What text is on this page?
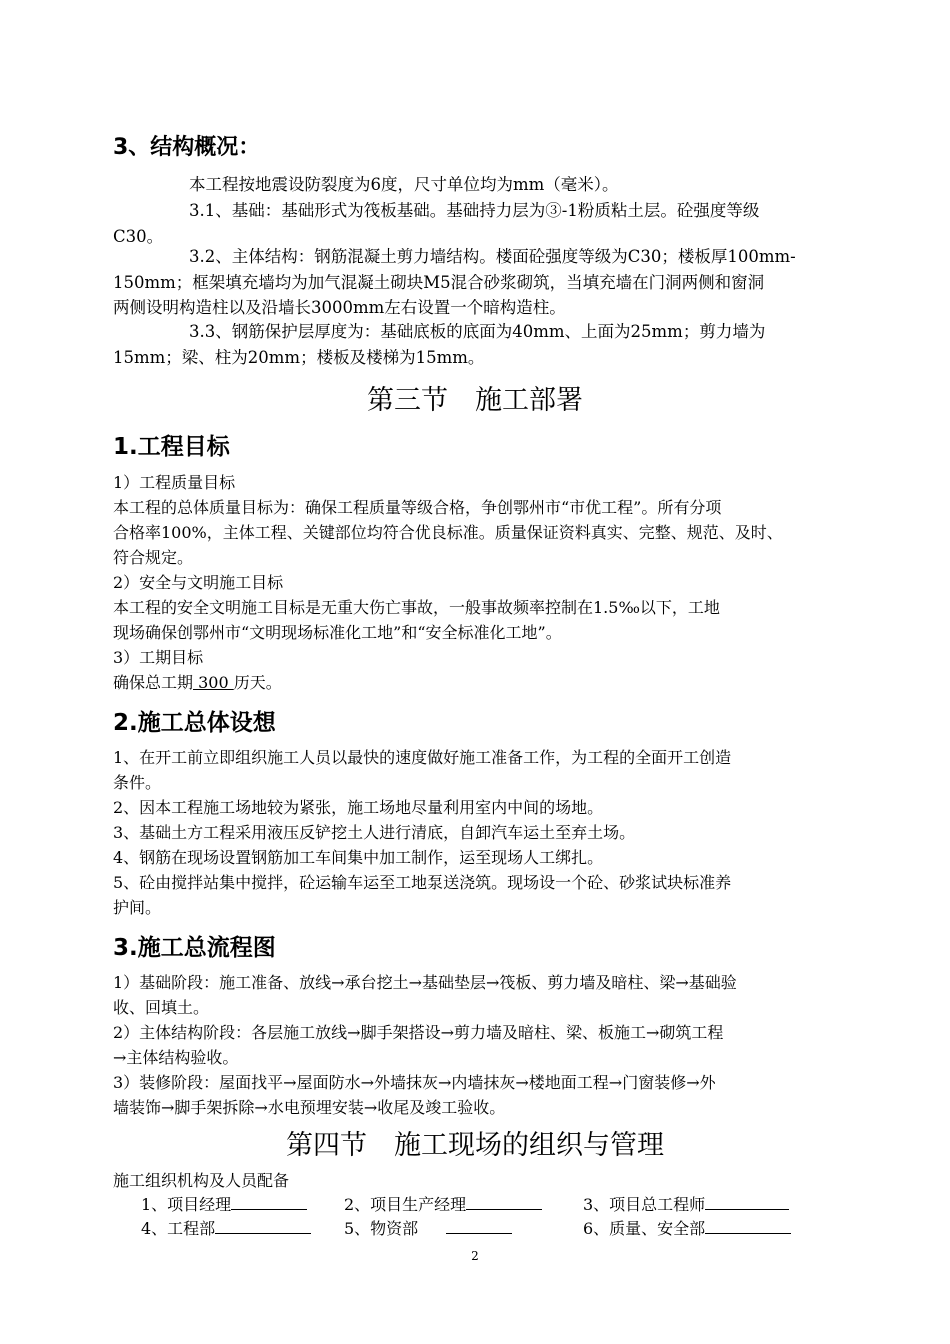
3、结构概况：
本工程按地震设防裂度为6度，尺寸单位均为mm（毫米）。
3.1、基础：基础形式为筏板基础。基础持力层为③-1粉质粘土层。砼强度等级
C30。
3.2、主体结构：钢筋混凝土剪力墙结构。楼面砼强度等级为C30；楼板厚100mm-
150mm；框架填充墙均为加气混凝土砌块M5混合砂浆砌筑，当填充墙在门洞两侧和窗洞
两侧设明构造柱以及沿墙长3000mm左右设置一个暗构造柱。
3.3、钢筋保护层厚度为：基础底板的底面为40mm、上面为25mm；剪力墙为
15mm；梁、柱为20mm；楼板及楼梯为15mm。
第三节　施工部署
1.工程目标
1）工程质量目标
本工程的总体质量目标为：确保工程质量等级合格，争创鄂州市“市优工程”。所有分项
合格率100%，主体工程、关键部位均符合优良标准。质量保证资料真实、完整、规范、及时、
符合规定。
2）安全与文明施工目标
本工程的安全文明施工目标是无重大伤亡事故，一般事故频率控制在1.5‰以下，工地
现场确保创鄂州市“文明现场标准化工地”和“安全标准化工地”。
3）工期目标
确保总工期 300 历天。
2.施工总体设想
1、在开工前立即组织施工人员以最快的速度做好施工准备工作，为工程的全面开工创造
条件。
2、因本工程施工场地较为紧张，施工场地尽量利用室内中间的场地。
3、基础土方工程采用液压反铲挖土人进行清底，自卸汽车运土至弃土场。
4、钢筋在现场设置钢筋加工车间集中加工制作，运至现场人工绑扎。
5、砼由搅拌站集中搅拌，砼运输车运至工地泵送浇筑。现场设一个砼、砂浆试块标准养
护间。
3.施工总流程图
1）基础阶段：施工准备、放线→承台挖土→基础垫层→筏板、剪力墙及暗柱、梁→基础验
收、回填土。
2）主体结构阶段：各层施工放线→脚手架搭设→剪力墙及暗柱、梁、板施工→砌筑工程
→主体结构验收。
3）装修阶段：屋面找平→屋面防水→外墙抹灰→内墙抹灰→楼地面工程→门窗装修→外
墙装饰→脚手架拆除→水电预埋安装→收尾及竣工验收。
第四节　施工现场的组织与管理
施工组织机构及人员配备
1、项目经理	2、项目生产经理	3、项目总工程师
4、工程部	5、物资部	6、质量、安全部
2
